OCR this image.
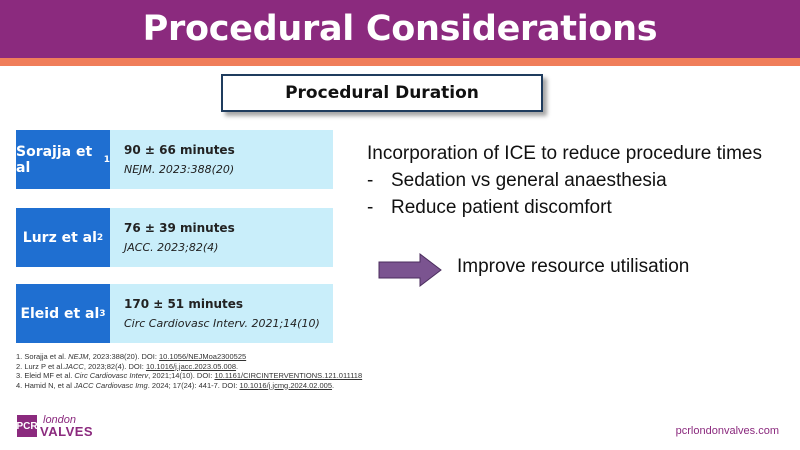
Procedural Considerations
Procedural Duration
Sorajja et al	1
90 ± 66 minutes
NEJM. 2023:388(20)
Lurz et al 2
76 ± 39 minutes
JACC. 2023;82(4)
Eleid et al 3
170 ± 51 minutes
Circ Cardiovasc Interv. 2021;14(10)
1. Sorajja et al. NEJM, 2023:388(20). DOI: 10.1056/NEJMoa2300525
2. Lurz P et al.JACC, 2023;82(4). DOI: 10.1016/j.jacc.2023.05.008.
3. Eleid MF et al. Circ Cardiovasc Interv, 2021;14(10). DOI: 10.1161/CIRCINTERVENTIONS.121.011118
4. Hamid N, et al JACC Cardiovasc Img. 2024; 17(24): 441-7. DOI: 10.1016/j.jcmg.2024.02.005.
Incorporation of ICE to reduce procedure times
- Sedation vs general anaesthesia
- Reduce patient discomfort
Improve resource utilisation
PCR london
VALVES	pcrlondonvalves.com
